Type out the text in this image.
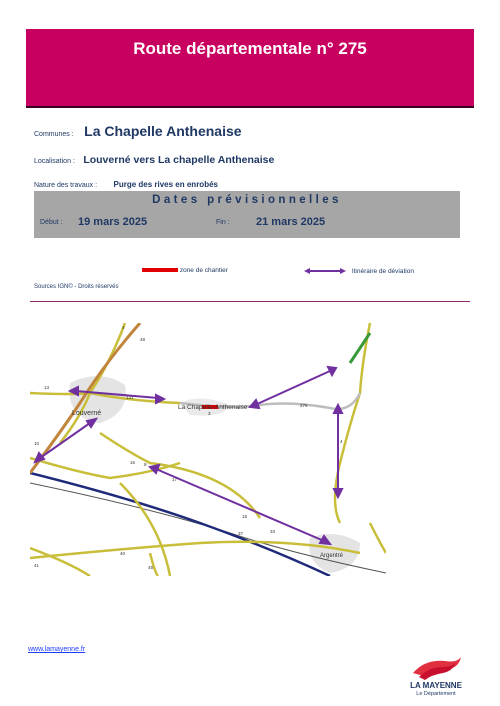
Route départementale n° 275
Communes : La Chapelle Anthenaise
Localisation : Louverné vers La chapelle Anthenaise
Nature des travaux : Purge des rives en enrobés
Dates prévisionnelles
Début : 19 mars 2025	Fin : 21 mars 2025
zone de chantier	Itinéraire de déviation
Sources IGN© - Droits réservés
La Chapelle-Anthenaise
Louverné
Argentré
4
48
13
131
10
16 8
17
18
37	33
40
41	45
3
275
4
www.lamayenne.fr
LA MAYENNE
Le Département
